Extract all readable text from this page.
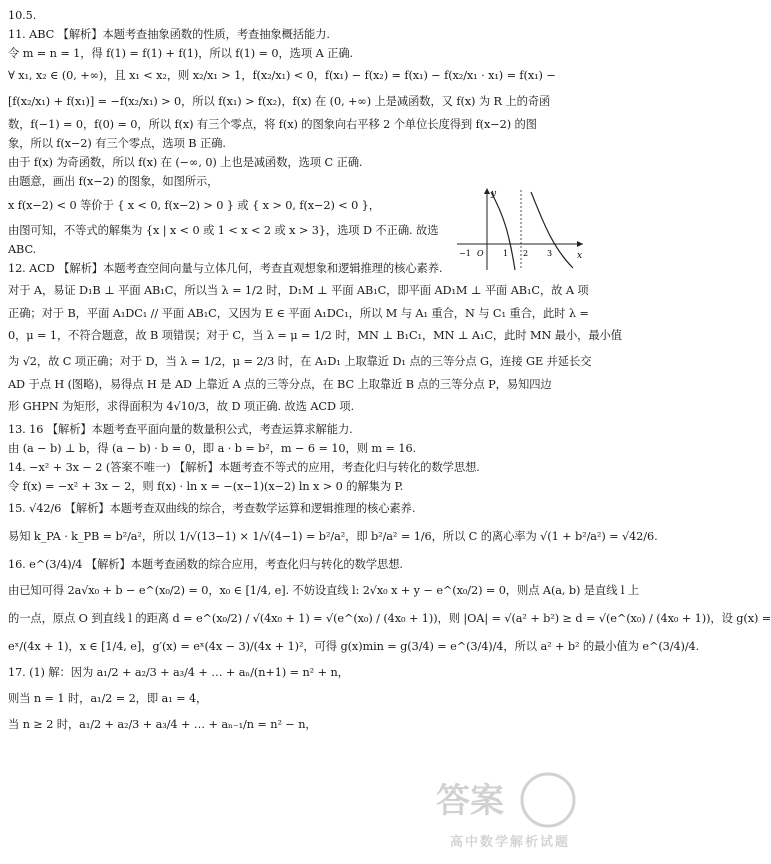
10.5.
11. ABC 【解析】本题考查抽象函数的性质，考查抽象概括能力.
令 m = n = 1，得 f(1) = f(1) + f(1)，所以 f(1) = 0，选项 A 正确.
∀ x₁, x₂ ∈ (0, +∞)，且 x₁ < x₂，则 x₂/x₁ > 1，f(x₂/x₁) < 0，f(x₁) − f(x₂) = f(x₁) − f(x₂/x₁ · x₁) = f(x₁) −
[f(x₂/x₁) + f(x₁)] = −f(x₂/x₁) > 0，所以 f(x₁) > f(x₂)，f(x) 在 (0, +∞) 上是减函数，又 f(x) 为 R 上的奇函
数，f(−1) = 0，f(0) = 0，所以 f(x) 有三个零点，将 f(x) 的图象向右平移 2 个单位长度得到 f(x−2) 的图
象，所以 f(x−2) 有三个零点，选项 B 正确.
由于 f(x) 为奇函数，所以 f(x) 在 (−∞, 0) 上也是减函数，选项 C 正确.
由题意，画出 f(x−2) 的图象，如图所示，
x f(x−2) < 0 等价于 { x < 0, f(x−2) > 0 } 或 { x > 0, f(x−2) < 0 }，
由图可知，不等式的解集为 {x | x < 0 或 1 < x < 2 或 x > 3}，选项 D 不正确. 故选
ABC.
12. ACD 【解析】本题考查空间向量与立体几何，考查直观想象和逻辑推理的核心素养.
对于 A，易证 D₁B ⊥ 平面 AB₁C，所以当 λ = 1/2 时，D₁M ⊥ 平面 AB₁C，即平面 AD₁M ⊥ 平面 AB₁C，故 A 项
正确；对于 B，平面 A₁DC₁ // 平面 AB₁C，又因为 E ∈ 平面 A₁DC₁，所以 M 与 A₁ 重合，N 与 C₁ 重合，此时 λ =
0，μ = 1，不符合题意，故 B 项错误；对于 C，当 λ = μ = 1/2 时，MN ⊥ B₁C₁，MN ⊥ A₁C，此时 MN 最小，最小值
为 √2，故 C 项正确；对于 D，当 λ = 1/2，μ = 2/3 时，在 A₁D₁ 上取靠近 D₁ 点的三等分点 G，连接 GE 并延长交
AD 于点 H (图略)，易得点 H 是 AD 上靠近 A 点的三等分点，在 BC 上取靠近 B 点的三等分点 P，易知四边
形 GHPN 为矩形，求得面积为 4√10/3，故 D 项正确. 故选 ACD 项.
13. 16 【解析】本题考查平面向量的数量积公式，考查运算求解能力.
由 (a − b) ⊥ b，得 (a − b) · b = 0，即 a · b = b²，m − 6 = 10，则 m = 16.
14. −x² + 3x − 2 (答案不唯一) 【解析】本题考查不等式的应用，考查化归与转化的数学思想.
令 f(x) = −x² + 3x − 2，则 f(x) · ln x = −(x−1)(x−2) ln x > 0 的解集为 P.
15. √42/6 【解析】本题考查双曲线的综合，考查数学运算和逻辑推理的核心素养.
易知 k_PA · k_PB = b²/a²，所以 1/√(13−1) × 1/√(4−1) = b²/a²，即 b²/a² = 1/6，所以 C 的离心率为 √(1 + b²/a²) = √42/6.
16. e^(3/4)/4 【解析】本题考查函数的综合应用，考查化归与转化的数学思想.
由已知可得 2a√x₀ + b − e^(x₀/2) = 0，x₀ ∈ [1/4, e]. 不妨设直线 l: 2√x₀ x + y − e^(x₀/2) = 0，则点 A(a, b) 是直线 l 上
的一点，原点 O 到直线 l 的距离 d = e^(x₀/2) / √(4x₀ + 1) = √(e^(x₀) / (4x₀ + 1))，则 |OA| = √(a² + b²) ≥ d = √(e^(x₀) / (4x₀ + 1))，设 g(x) =
eˣ/(4x + 1)，x ∈ [1/4, e]，g′(x) = eˣ(4x − 3)/(4x + 1)²，可得 g(x)min = g(3/4) = e^(3/4)/4，所以 a² + b² 的最小值为 e^(3/4)/4.
17. (1) 解：因为 a₁/2 + a₂/3 + a₃/4 + … + aₙ/(n+1) = n² + n，
则当 n = 1 时，a₁/2 = 2，即 a₁ = 4，
当 n ≥ 2 时，a₁/2 + a₂/3 + a₃/4 + … + aₙ₋₁/n = n² − n，
y
x
−1 O 1 2 3
答案
高中数学解析试题
